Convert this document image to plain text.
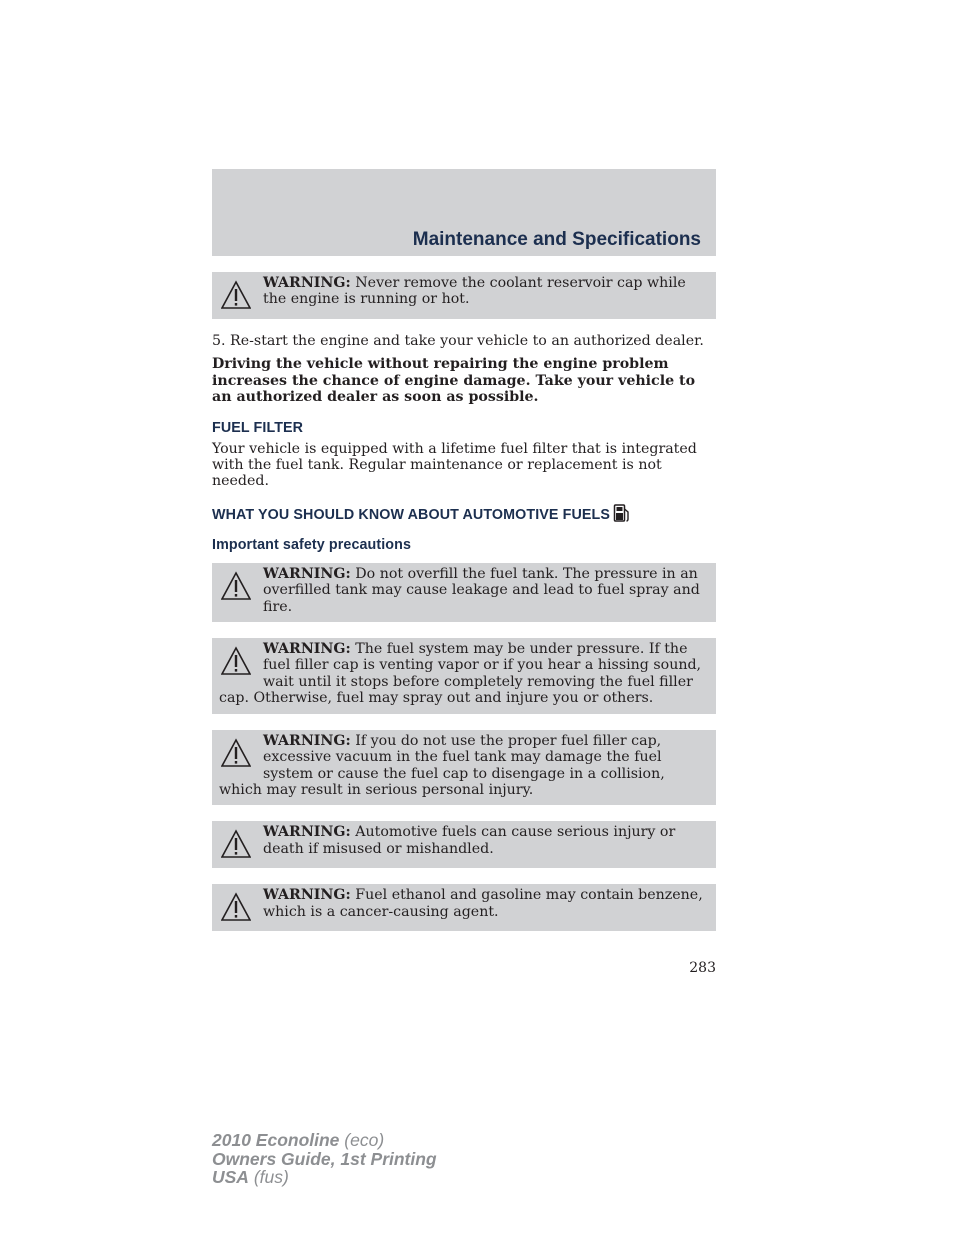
Maintenance and Specifications
WARNING: Never remove the coolant reservoir cap while the engine is running or hot.

5. Re-start the engine and take your vehicle to an authorized dealer.

Driving the vehicle without repairing the engine problem increases the chance of engine damage. Take your vehicle to an authorized dealer as soon as possible.

FUEL FILTER

Your vehicle is equipped with a lifetime fuel filter that is integrated with the fuel tank. Regular maintenance or replacement is not needed.

WHAT YOU SHOULD KNOW ABOUT AUTOMOTIVE FUELS
Important safety precautions
WARNING: Do not overfill the fuel tank. The pressure in an overfilled tank may cause leakage and lead to fuel spray and fire.
WARNING: The fuel system may be under pressure. If the fuel filler cap is venting vapor or if you hear a hissing sound, wait until it stops before completely removing the fuel filler cap. Otherwise, fuel may spray out and injure you or others.
WARNING: If you do not use the proper fuel filler cap, excessive vacuum in the fuel tank may damage the fuel system or cause the fuel cap to disengage in a collision, which may result in serious personal injury.
WARNING: Automotive fuels can cause serious injury or death if misused or mishandled.
WARNING: Fuel ethanol and gasoline may contain benzene, which is a cancer-causing agent.
283
2010 Econoline (eco)
Owners Guide, 1st Printing
USA (fus)
